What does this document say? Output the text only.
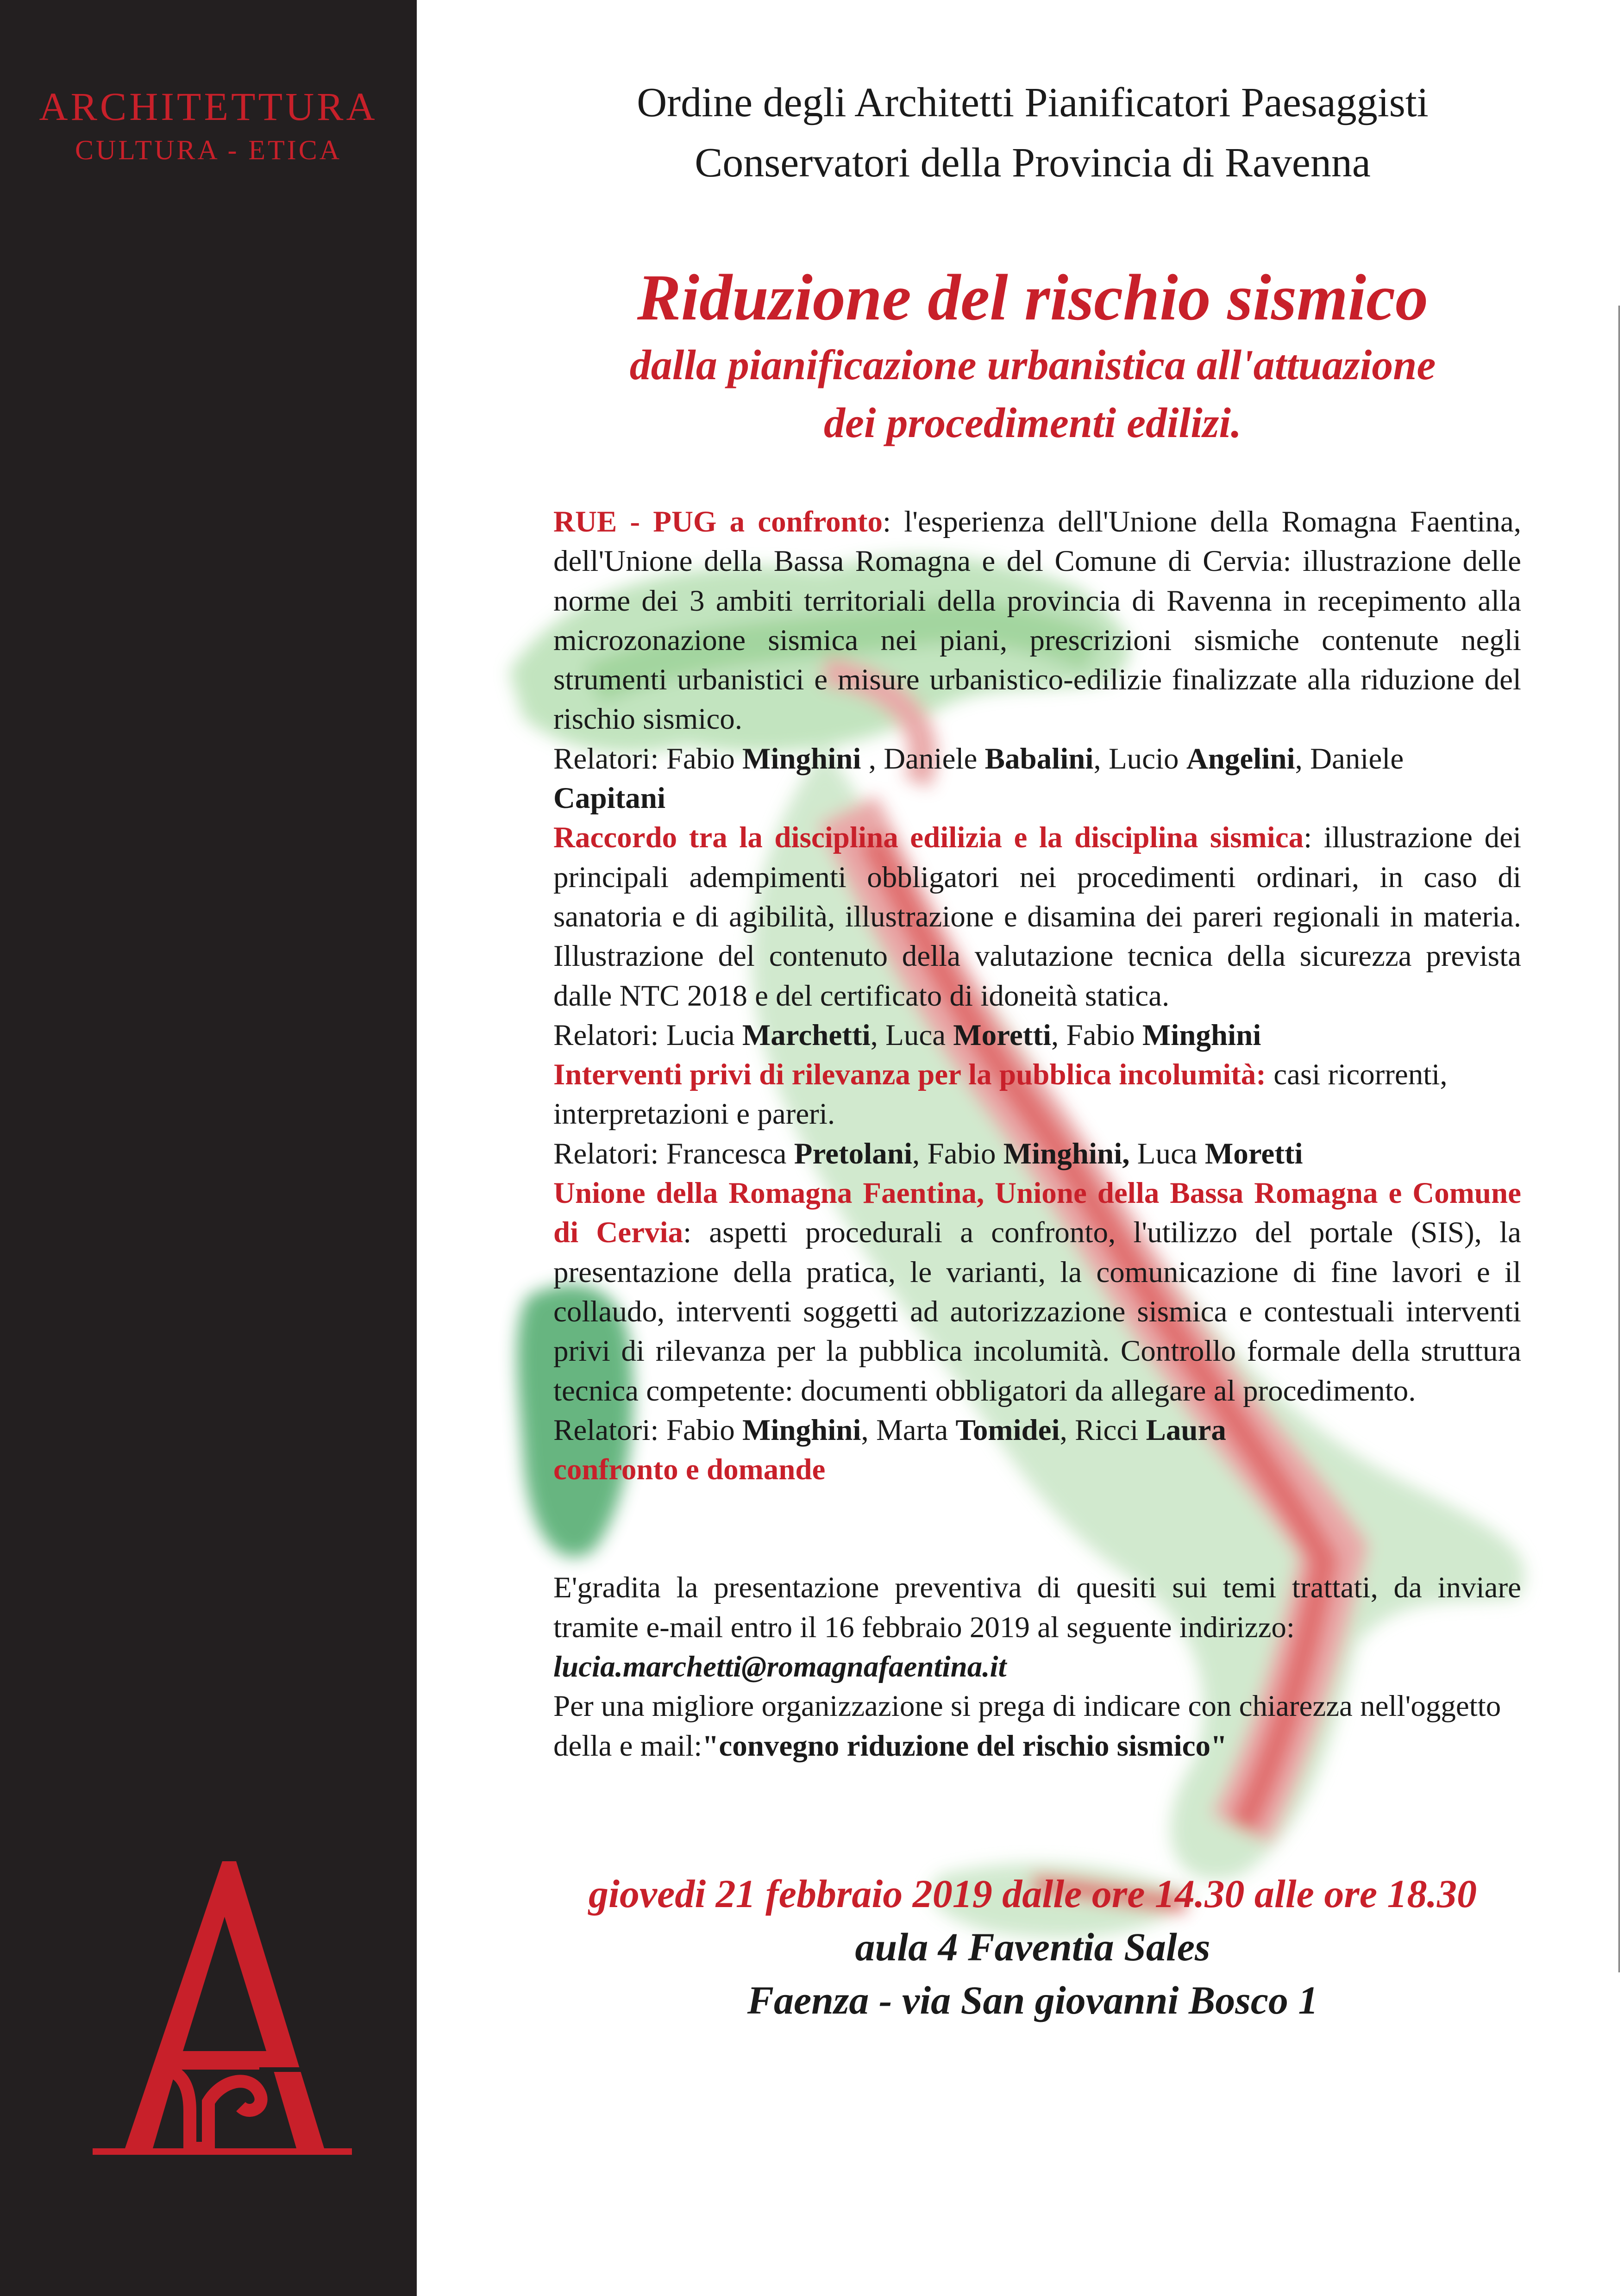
ARCHITETTURA
CULTURA - ETICA
Ordine degli Architetti Pianificatori Paesaggisti
Conservatori della Provincia di Ravenna
Riduzione del rischio sismico
dalla pianificazione urbanistica all'attuazione
dei procedimenti edilizi.

RUE - PUG a confronto: l'esperienza dell'Unione della Romagna Faentina, dell'Unione della Bassa Romagna e del Comune di Cervia: illustrazione delle norme dei 3 ambiti territoriali della provincia di Ravenna in recepimento alla microzonazione sismica nei piani, prescrizioni sismiche contenute negli strumenti urbanistici e misure urbanistico-edilizie finalizzate alla riduzione del rischio sismico.

Relatori: Fabio Minghini , Daniele Babalini, Lucio Angelini, Daniele Capitani

Raccordo tra la disciplina edilizia e la disciplina sismica: illustrazione dei principali adempimenti obbligatori nei procedimenti ordinari, in caso di sanatoria e di agibilità, illustrazione e disamina dei pareri regionali in materia. Illustrazione del contenuto della valutazione tecnica della sicurezza prevista dalle NTC 2018 e del certificato di idoneità statica.

Relatori: Lucia Marchetti, Luca Moretti, Fabio Minghini

Interventi privi di rilevanza per la pubblica incolumità: casi ricorrenti, interpretazioni e pareri.

Relatori: Francesca Pretolani, Fabio Minghini, Luca Moretti

Unione della Romagna Faentina, Unione della Bassa Romagna e Comune di Cervia: aspetti procedurali a confronto, l'utilizzo del portale (SIS), la presentazione della pratica, le varianti, la comunicazione di fine lavori e il collaudo, interventi soggetti ad autorizzazione sismica e contestuali interventi privi di rilevanza per la pubblica incolumità. Controllo formale della struttura tecnica competente: documenti obbligatori da allegare al procedimento.

Relatori: Fabio Minghini, Marta Tomidei, Ricci Laura

confronto e domande

E'gradita la presentazione preventiva di quesiti sui temi trattati, da inviare tramite e-mail entro il 16 febbraio 2019 al seguente indirizzo:

lucia.marchetti@romagnafaentina.it

Per una migliore organizzazione si prega di indicare con chiarezza nell'oggetto della e mail:"convegno riduzione del rischio sismico"

giovedi 21 febbraio 2019 dalle ore 14.30 alle ore 18.30
aula 4 Faventia Sales
Faenza - via San giovanni Bosco 1
